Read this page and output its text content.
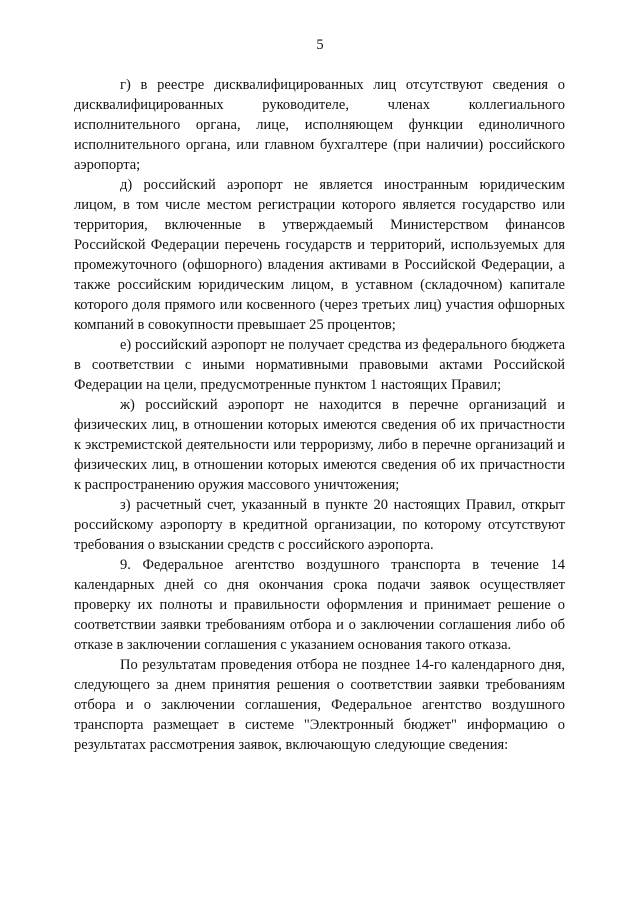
5

г) в реестре дисквалифицированных лиц отсутствуют сведения о дисквалифицированных руководителе, членах коллегиального исполнительного органа, лице, исполняющем функции единоличного исполнительного органа, или главном бухгалтере (при наличии) российского аэропорта;

д) российский аэропорт не является иностранным юридическим лицом, в том числе местом регистрации которого является государство или территория, включенные в утверждаемый Министерством финансов Российской Федерации перечень государств и территорий, используемых для промежуточного (офшорного) владения активами в Российской Федерации, а также российским юридическим лицом, в уставном (складочном) капитале которого доля прямого или косвенного (через третьих лиц) участия офшорных компаний в совокупности превышает 25 процентов;

е) российский аэропорт не получает средства из федерального бюджета в соответствии с иными нормативными правовыми актами Российской Федерации на цели, предусмотренные пунктом 1 настоящих Правил;

ж) российский аэропорт не находится в перечне организаций и физических лиц, в отношении которых имеются сведения об их причастности к экстремистской деятельности или терроризму, либо в перечне организаций и физических лиц, в отношении которых имеются сведения об их причастности к распространению оружия массового уничтожения;

з) расчетный счет, указанный в пункте 20 настоящих Правил, открыт российскому аэропорту в кредитной организации, по которому отсутствуют требования о взыскании средств с российского аэропорта.

9. Федеральное агентство воздушного транспорта в течение 14 календарных дней со дня окончания срока подачи заявок осуществляет проверку их полноты и правильности оформления и принимает решение о соответствии заявки требованиям отбора и о заключении соглашения либо об отказе в заключении соглашения с указанием основания такого отказа.

По результатам проведения отбора не позднее 14-го календарного дня, следующего за днем принятия решения о соответствии заявки требованиям отбора и о заключении соглашения, Федеральное агентство воздушного транспорта размещает в системе "Электронный бюджет" информацию о результатах рассмотрения заявок, включающую следующие сведения:
